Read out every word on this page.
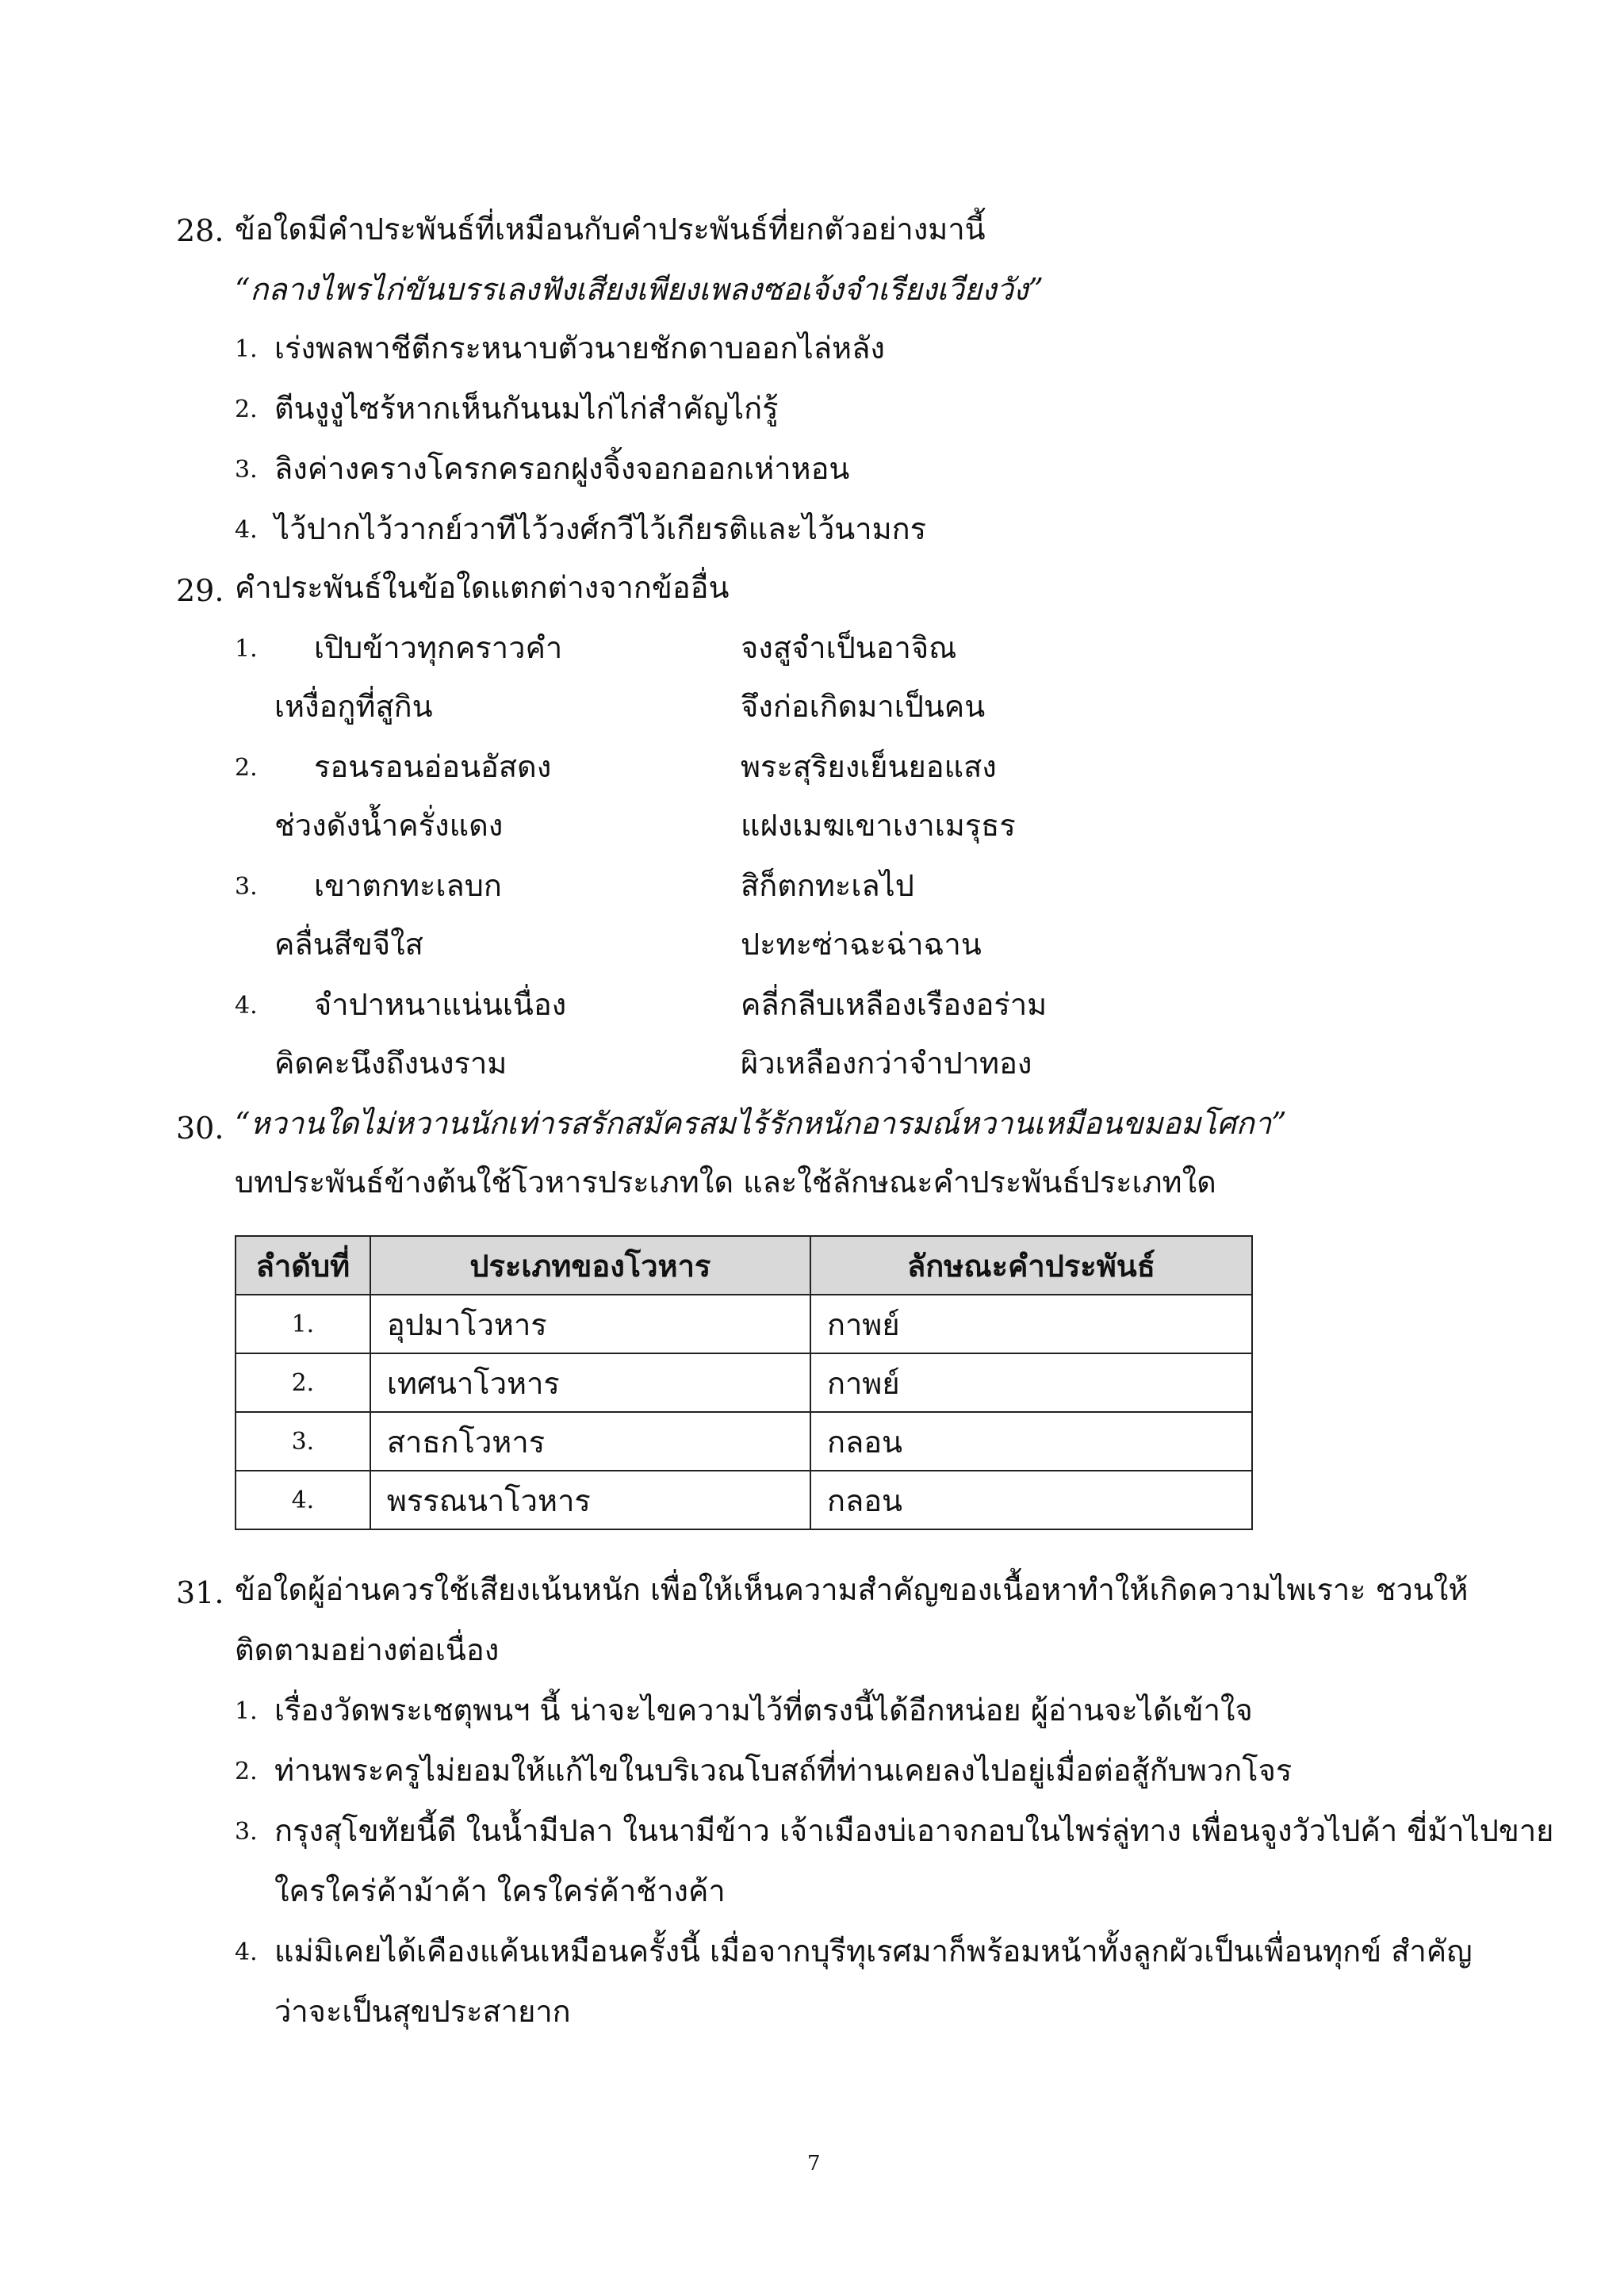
28. ข้อใดมีคำประพันธ์ที่เหมือนกับคำประพันธ์ที่ยกตัวอย่างมานี้
“กลางไพรไก่ขันบรรเลงฟังเสียงเพียงเพลงซอเจ้งจำเรียงเวียงวัง”
1. เร่งพลพาชีตีกระหนาบตัวนายชักดาบออกไล่หลัง
2. ตีนงูงูไซร้หากเห็นกันนมไก่ไก่สำคัญไก่รู้
3. ลิงค่างครางโครกครอกฝูงจิ้งจอกออกเห่าหอน
4. ไว้ปากไว้วากย์วาทีไว้วงศ์กวีไว้เกียรติและไว้นามกร
29. คำประพันธ์ในข้อใดแตกต่างจากข้ออื่น
1. เปิบข้าวทุกคราวคำ	จงสูจำเป็นอาจิณ
เหงื่อกูที่สูกิน	จึงก่อเกิดมาเป็นคน
2. รอนรอนอ่อนอัสดง	พระสุริยงเย็นยอแสง
ช่วงดังน้ำครั่งแดง	แฝงเมฆเขาเงาเมรุธร
3. เขาตกทะเลบก	สิก็ตกทะเลไป
คลื่นสีขจีใส	ปะทะซ่าฉะฉ่าฉาน
4. จำปาหนาแน่นเนื่อง	คลี่กลีบเหลืองเรืองอร่าม
คิดคะนึงถึงนงราม	ผิวเหลืองกว่าจำปาทอง
30. “หวานใดไม่หวานนักเท่ารสรักสมัครสมไร้รักหนักอารมณ์หวานเหมือนขมอมโศกา”
บทประพันธ์ข้างต้นใช้โวหารประเภทใด และใช้ลักษณะคำประพันธ์ประเภทใด
ลำดับที่	ประเภทของโวหาร	ลักษณะคำประพันธ์
1.	อุปมาโวหาร	กาพย์
2.	เทศนาโวหาร	กาพย์
3.	สาธกโวหาร	กลอน
4.	พรรณนาโวหาร	กลอน
31. ข้อใดผู้อ่านควรใช้เสียงเน้นหนัก เพื่อให้เห็นความสำคัญของเนื้อหาทำให้เกิดความไพเราะ ชวนให้
ติดตามอย่างต่อเนื่อง
1. เรื่องวัดพระเชตุพนฯ นี้ น่าจะไขความไว้ที่ตรงนี้ได้อีกหน่อย ผู้อ่านจะได้เข้าใจ
2. ท่านพระครูไม่ยอมให้แก้ไขในบริเวณโบสถ์ที่ท่านเคยลงไปอยู่เมื่อต่อสู้กับพวกโจร
3. กรุงสุโขทัยนี้ดี ในน้ำมีปลา ในนามีข้าว เจ้าเมืองบ่เอาจกอบในไพร่ลู่ทาง เพื่อนจูงวัวไปค้า ขี่ม้าไปขาย
ใครใคร่ค้าม้าค้า ใครใคร่ค้าช้างค้า
4. แม่มิเคยได้เคืองแค้นเหมือนครั้งนี้ เมื่อจากบุรีทุเรศมาก็พร้อมหน้าทั้งลูกผัวเป็นเพื่อนทุกข์ สำคัญ
ว่าจะเป็นสุขประสายาก
7
